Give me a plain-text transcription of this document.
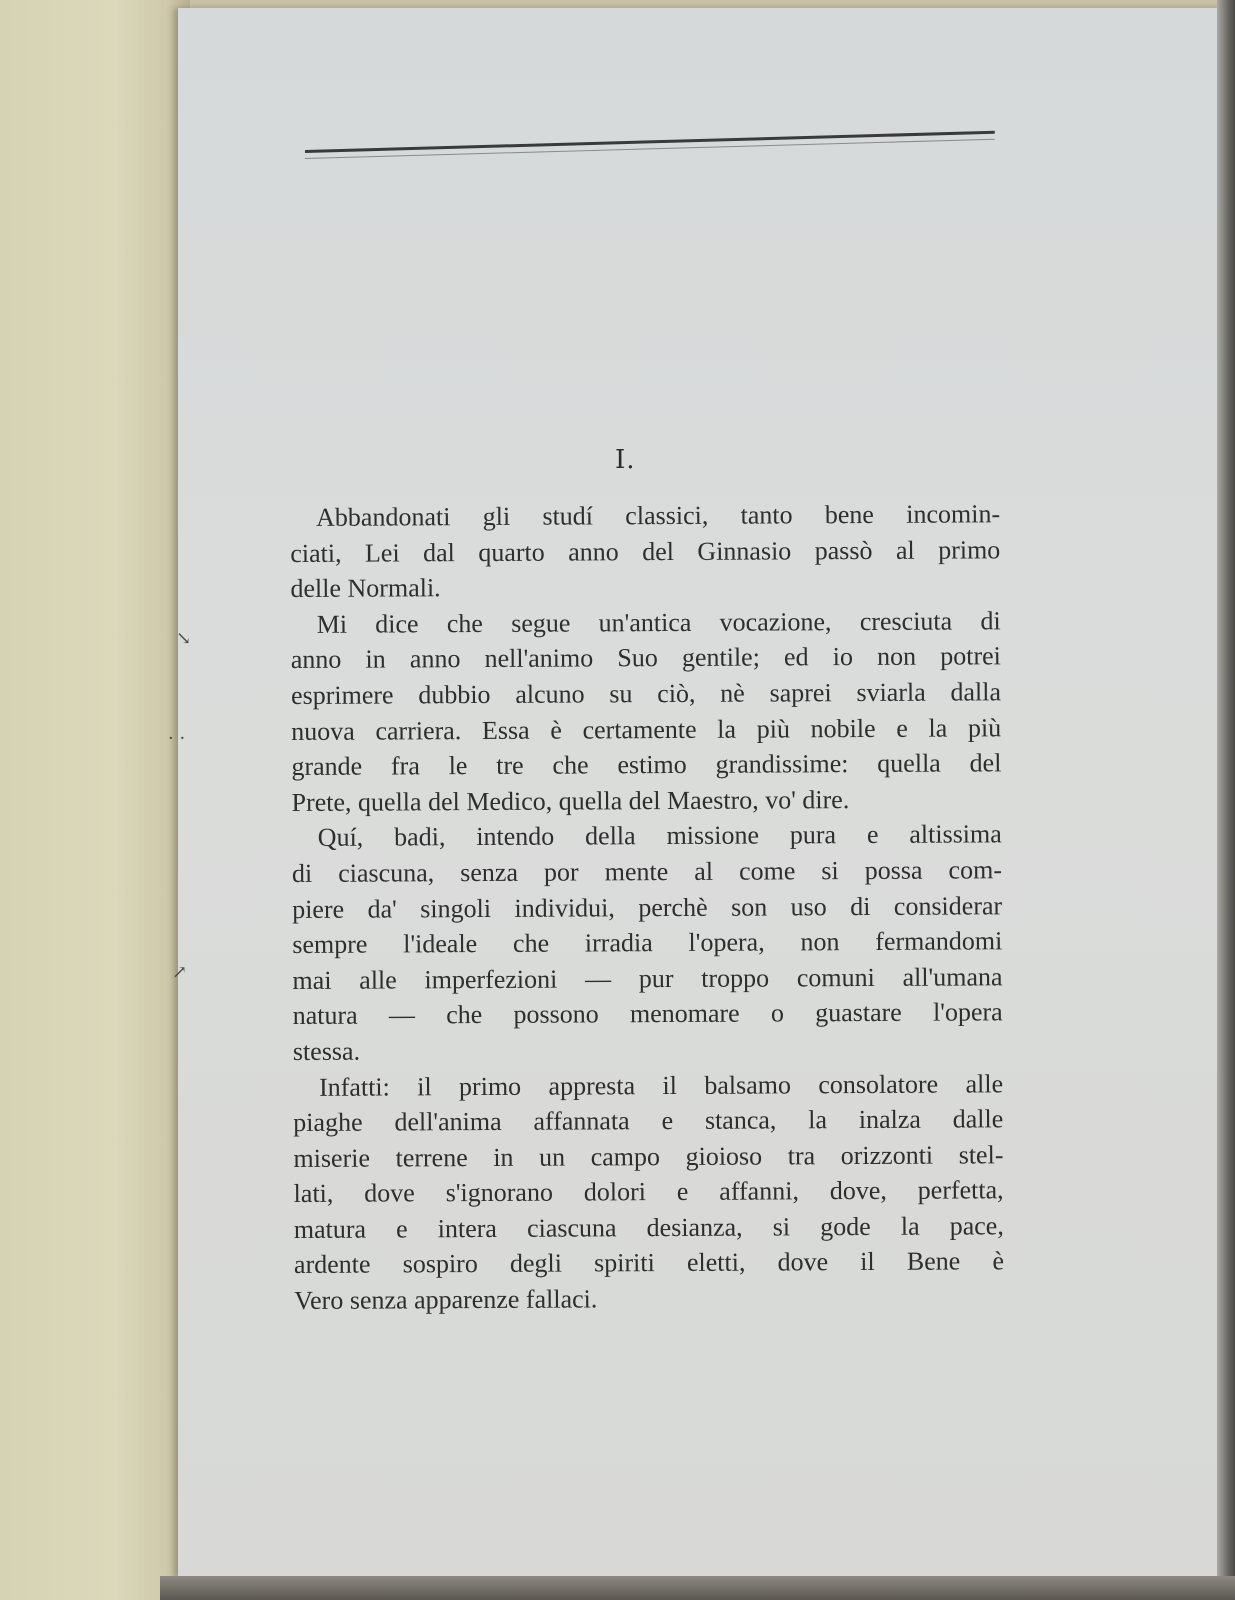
I.
Abbandonati gli studí classici, tanto bene incomin-
ciati, Lei dal quarto anno del Ginnasio passò al primo
delle Normali.
Mi dice che segue un'antica vocazione, cresciuta di
anno in anno nell'animo Suo gentile; ed io non potrei
esprimere dubbio alcuno su ciò, nè saprei sviarla dalla
nuova carriera. Essa è certamente la più nobile e la più
grande fra le tre che estimo grandissime: quella del
Prete, quella del Medico, quella del Maestro, vo' dire.
Quí, badi, intendo della missione pura e altissima
di ciascuna, senza por mente al come si possa com-
piere da' singoli individui, perchè son uso di considerar
sempre l'ideale che irradia l'opera, non fermandomi
mai alle imperfezioni — pur troppo comuni all'umana
natura — che possono menomare o guastare l'opera
stessa.
Infatti: il primo appresta il balsamo consolatore alle
piaghe dell'anima affannata e stanca, la inalza dalle
miserie terrene in un campo gioioso tra orizzonti stel-
lati, dove s'ignorano dolori e affanni, dove, perfetta,
matura e intera ciascuna desianza, si gode la pace,
ardente sospiro degli spiriti eletti, dove il Bene è
Vero senza apparenze fallaci.
↘
· ·
↗
